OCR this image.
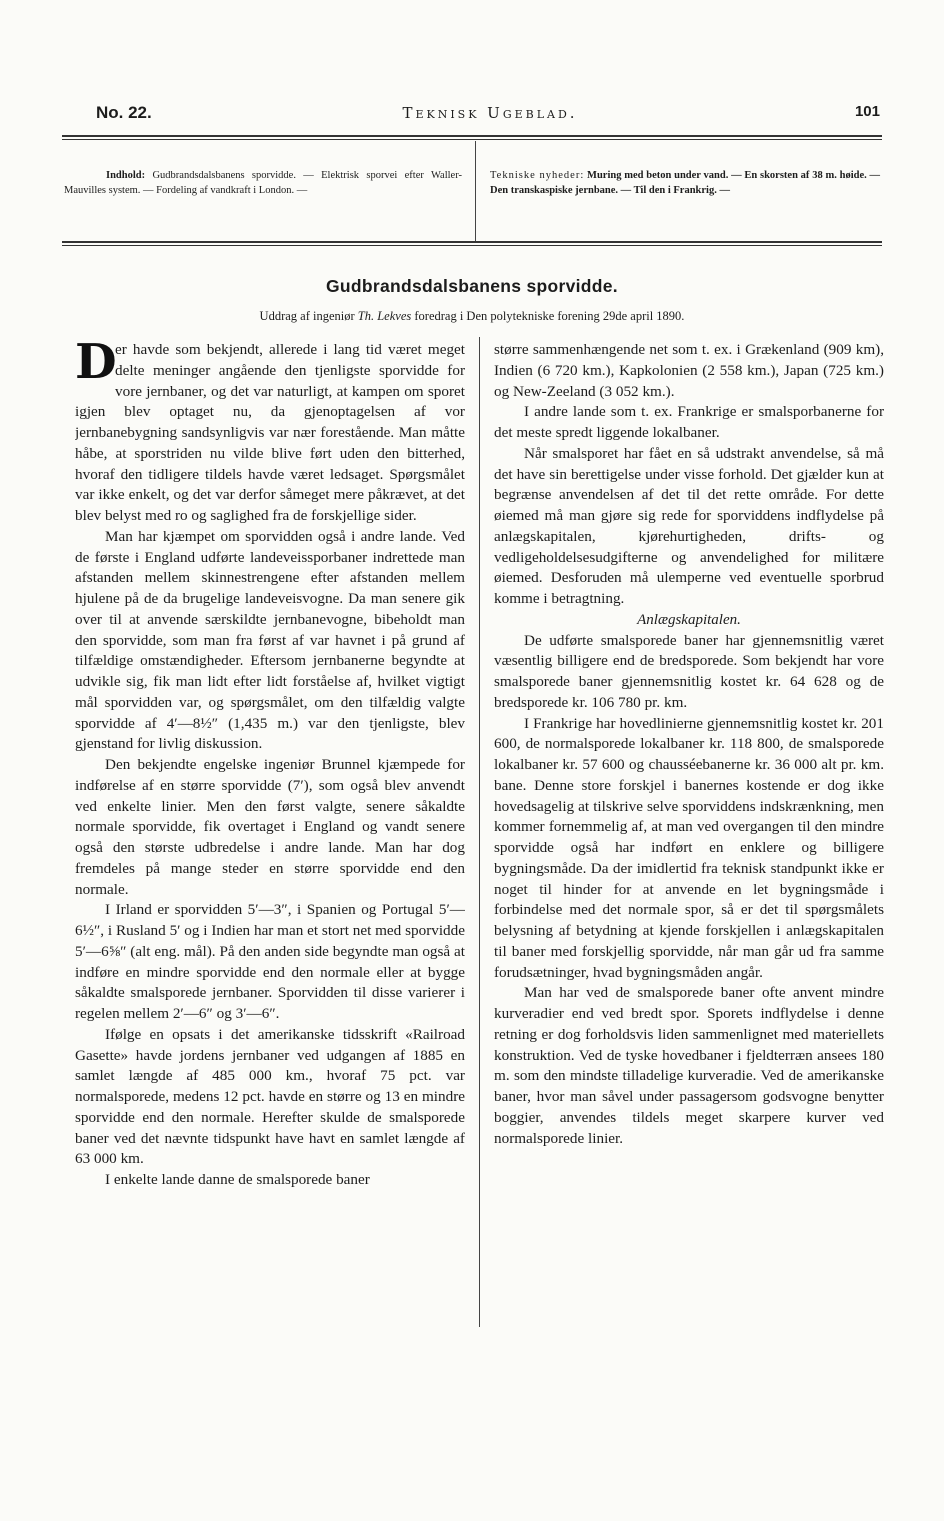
No. 22.	Teknisk Ugeblad.	101
Indhold: Gudbrandsdalsbanens sporvidde. — Elektrisk sporvei efter Waller-Mauvilles system. — Fordeling af vandkraft i London. —
Tekniske nyheder: Muring med beton under vand. — En skorsten af 38 m. høide. — Den transkaspiske jernbane. — Til den i Frankrig. —
Gudbrandsdalsbanens sporvidde.
Uddrag af ingeniør Th. Lekves foredrag i Den polytekniske forening 29de april 1890.

D
er havde som bekjendt, allerede i lang tid været meget delte meninger angående den tjenligste sporvidde for vore jernbaner, og det var naturligt, at kampen om sporet igjen blev optaget nu, da gjenoptagelsen af vor jernbanebygning sandsynligvis var nær forestående. Man måtte håbe, at sporstriden nu vilde blive ført uden den bitterhed, hvoraf den tidligere tildels havde været ledsaget. Spørgsmålet var ikke enkelt, og det var derfor såmeget mere påkrævet, at det blev belyst med ro og saglighed fra de forskjellige sider.

Man har kjæmpet om sporvidden også i andre lande. Ved de første i England udførte landeveissporbaner indrettede man afstanden mellem skinnestrengene efter afstanden mellem hjulene på de da brugelige landeveisvogne. Da man senere gik over til at anvende særskildte jernbanevogne, bibeholdt man den sporvidde, som man fra først af var havnet i på grund af tilfældige omstændigheder. Eftersom jernbanerne begyndte at udvikle sig, fik man lidt efter lidt forståelse af, hvilket vigtigt mål sporvidden var, og spørgsmålet, om den tilfældig valgte sporvidde af 4′—8½″ (1,435 m.) var den tjenligste, blev gjenstand for livlig diskussion.

Den bekjendte engelske ingeniør Brunnel kjæmpede for indførelse af en større sporvidde (7′), som også blev anvendt ved enkelte linier. Men den først valgte, senere såkaldte normale sporvidde, fik overtaget i England og vandt senere også den største udbredelse i andre lande. Man har dog fremdeles på mange steder en større sporvidde end den normale.

I Irland er sporvidden 5′—3″, i Spanien og Portugal 5′—6½″, i Rusland 5′ og i Indien har man et stort net med sporvidde 5′—6⅝″ (alt eng. mål). På den anden side begyndte man også at indføre en mindre sporvidde end den normale eller at bygge såkaldte smalsporede jernbaner. Sporvidden til disse varierer i regelen mellem 2′—6″ og 3′—6″.

Ifølge en opsats i det amerikanske tidsskrift «Railroad Gasette» havde jordens jernbaner ved udgangen af 1885 en samlet længde af 485 000 km., hvoraf 75 pct. var normalsporede, medens 12 pct. havde en større og 13 en mindre sporvidde end den normale. Herefter skulde de smalsporede baner ved det nævnte tidspunkt have havt en samlet længde af 63 000 km.

I enkelte lande danne de smalsporede baner

større sammenhængende net som t. ex. i Grækenland (909 km), Indien (6 720 km.), Kapkolonien (2 558 km.), Japan (725 km.) og New-Zeeland (3 052 km.).

I andre lande som t. ex. Frankrige er smalsporbanerne for det meste spredt liggende lokalbaner.

Når smalsporet har fået en så udstrakt anvendelse, så må det have sin berettigelse under visse forhold. Det gjælder kun at begrænse anvendelsen af det til det rette område. For dette øiemed må man gjøre sig rede for sporviddens indflydelse på anlægskapitalen, kjørehurtigheden, drifts- og vedligeholdelsesudgifterne og anvendelighed for militære øiemed. Desforuden må ulemperne ved eventuelle sporbrud komme i betragtning.

Anlægskapitalen.

De udførte smalsporede baner har gjennemsnitlig været væsentlig billigere end de bredsporede. Som bekjendt har vore smalsporede baner gjennemsnitlig kostet kr. 64 628 og de bredsporede kr. 106 780 pr. km.

I Frankrige har hovedlinierne gjennemsnitlig kostet kr. 201 600, de normalsporede lokalbaner kr. 118 800, de smalsporede lokalbaner kr. 57 600 og chausséebanerne kr. 36 000 alt pr. km. bane. Denne store forskjel i banernes kostende er dog ikke hovedsagelig at tilskrive selve sporviddens indskrænkning, men kommer fornemmelig af, at man ved overgangen til den mindre sporvidde også har indført en enklere og billigere bygningsmåde. Da der imidlertid fra teknisk standpunkt ikke er noget til hinder for at anvende en let bygningsmåde i forbindelse med det normale spor, så er det til spørgsmålets belysning af betydning at kjende forskjellen i anlægskapitalen til baner med forskjellig sporvidde, når man går ud fra samme forudsætninger, hvad bygningsmåden angår.

Man har ved de smalsporede baner ofte anvent mindre kurveradier end ved bredt spor. Sporets indflydelse i denne retning er dog forholdsvis liden sammenlignet med materiellets konstruktion. Ved de tyske hovedbaner i fjeldterræn ansees 180 m. som den mindste tilladelige kurveradie. Ved de amerikanske baner, hvor man såvel under passagersom godsvogne benytter boggier, anvendes tildels meget skarpere kurver ved normalsporede linier.
